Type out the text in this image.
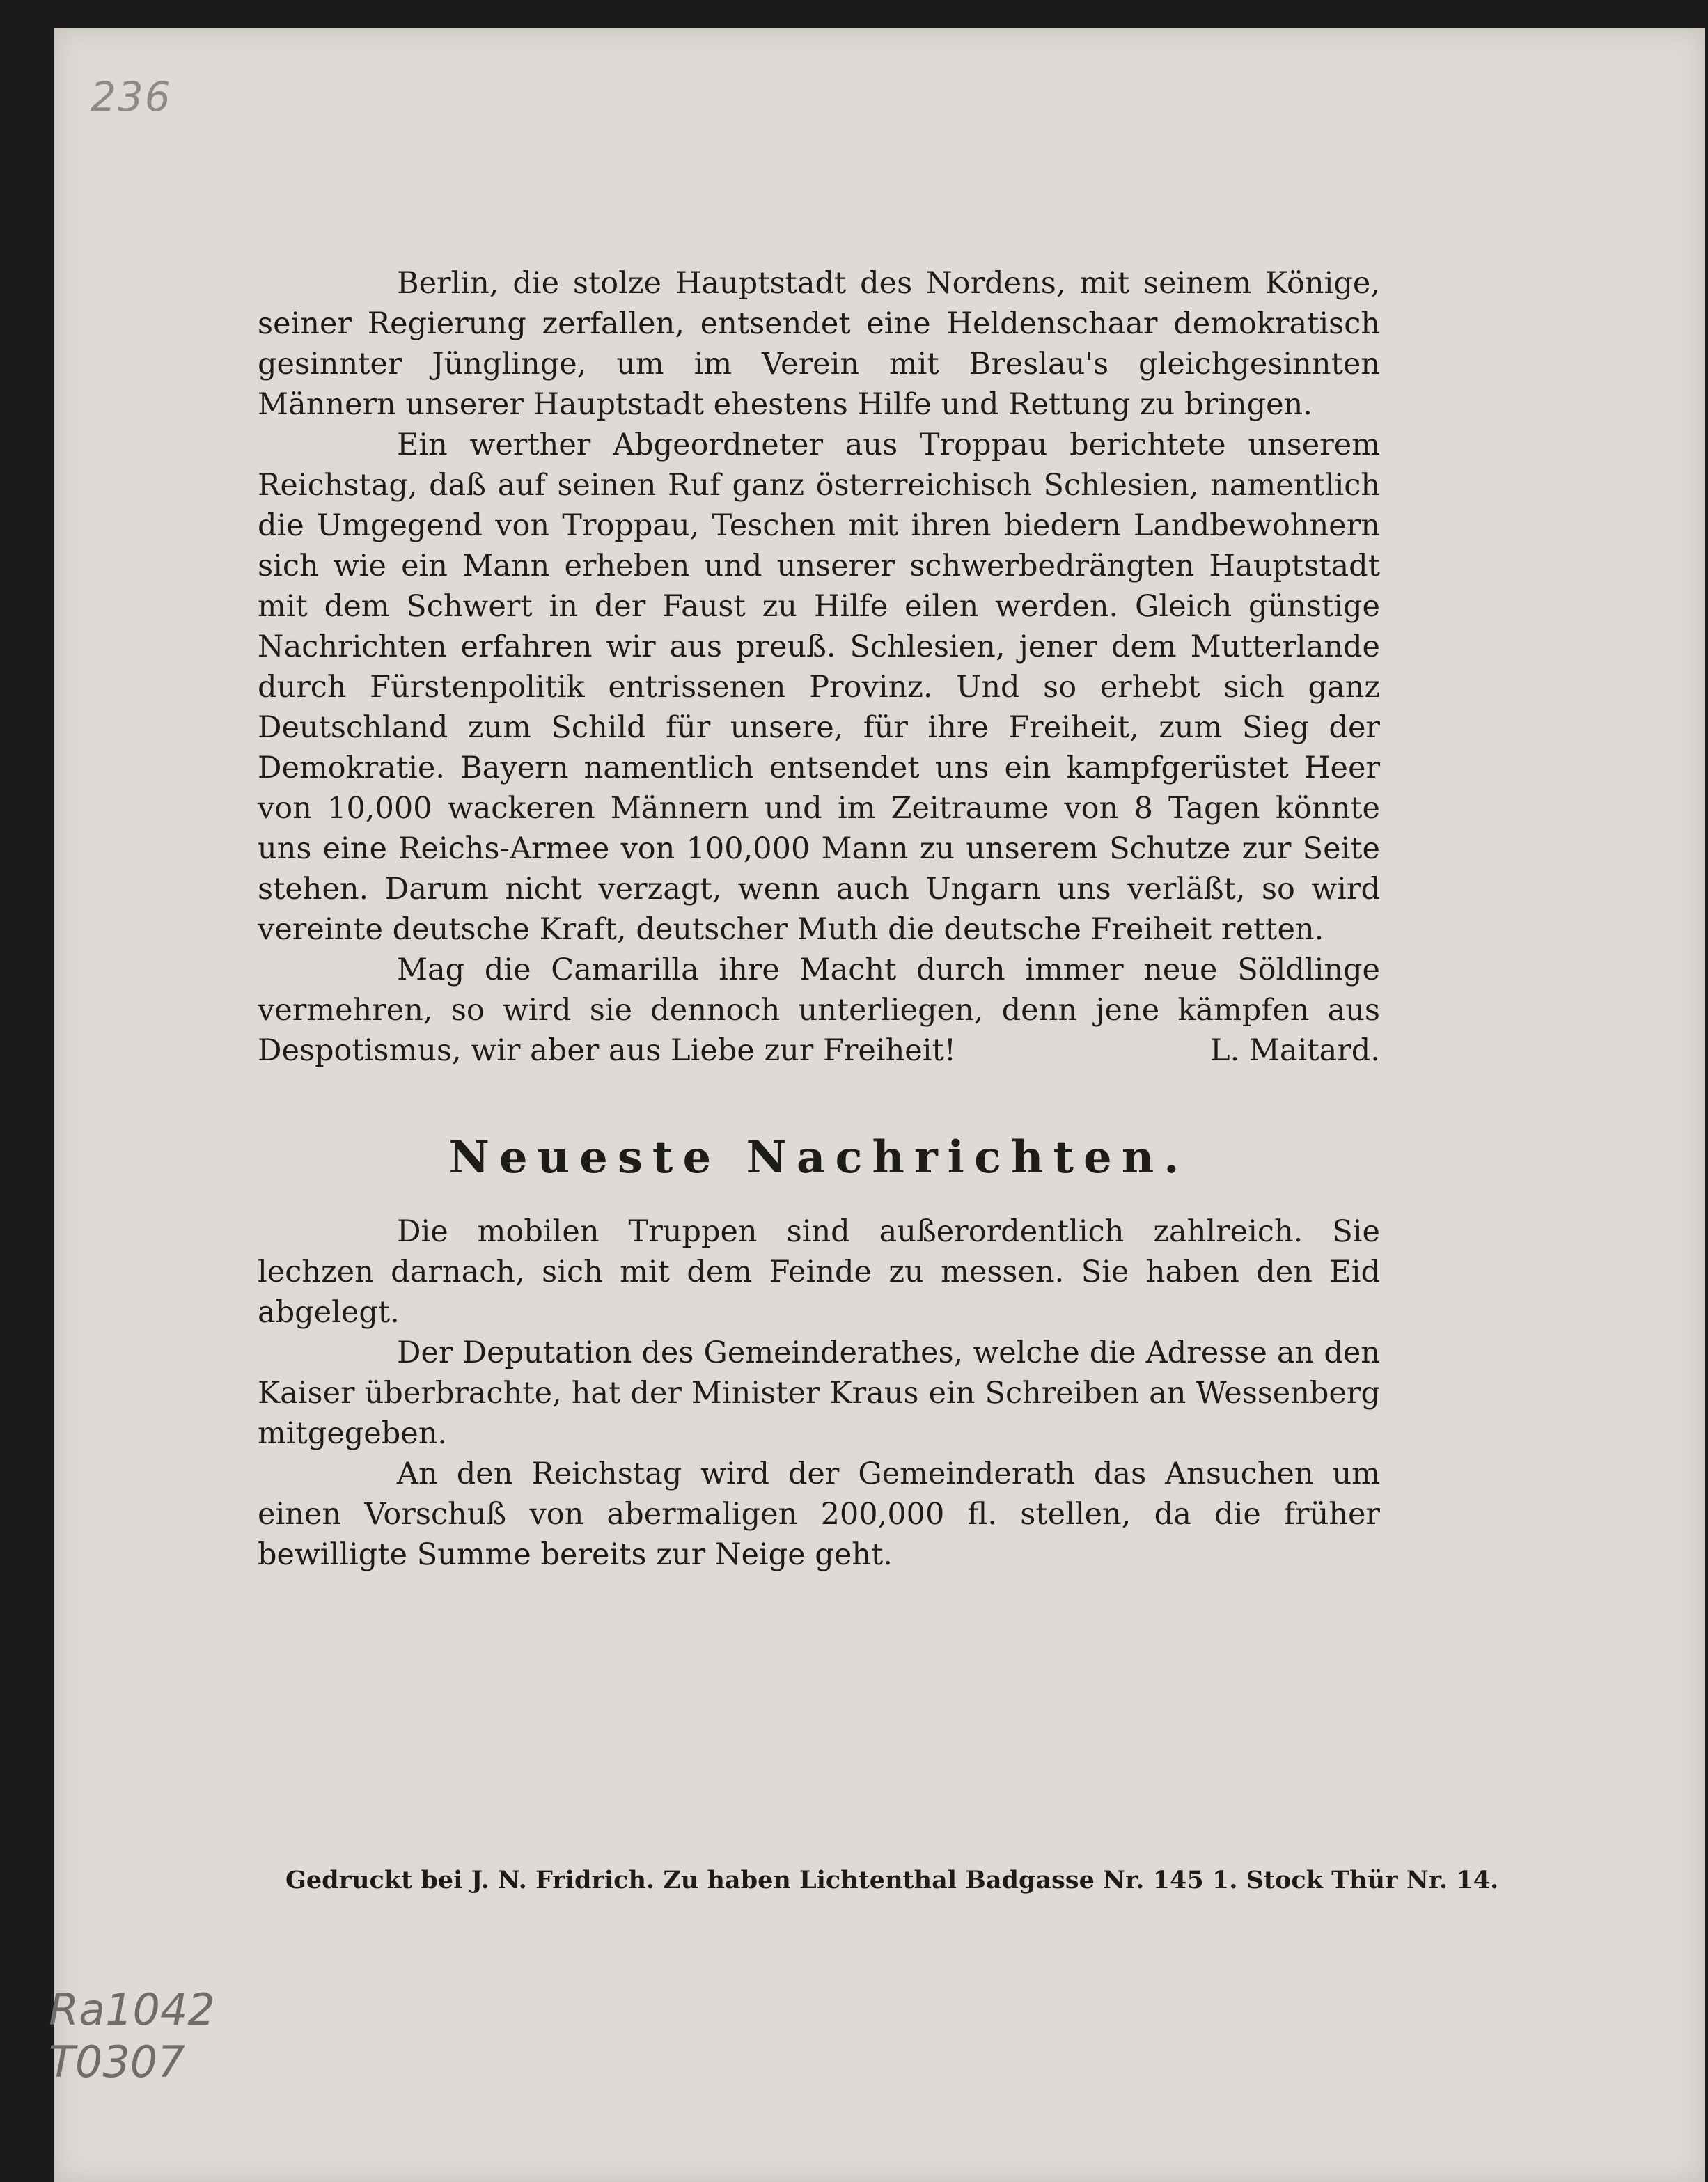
236

Berlin, die stolze Hauptstadt des Nordens, mit seinem Könige, seiner Regierung zerfallen, entsendet eine Heldenschaar demokratisch gesinnter Jünglinge, um im Verein mit Breslau's gleichgesinnten Männern unserer Hauptstadt ehestens Hilfe und Rettung zu bringen.

Ein werther Abgeordneter aus Troppau berichtete unserem Reichstag, daß auf seinen Ruf ganz österreichisch Schlesien, namentlich die Umgegend von Troppau, Teschen mit ihren biedern Landbewohnern sich wie ein Mann erheben und unserer schwerbedrängten Hauptstadt mit dem Schwert in der Faust zu Hilfe eilen werden. Gleich günstige Nachrichten erfahren wir aus preuß. Schlesien, jener dem Mutterlande durch Fürstenpolitik entrissenen Provinz. Und so erhebt sich ganz Deutschland zum Schild für unsere, für ihre Freiheit, zum Sieg der Demokratie. Bayern namentlich entsendet uns ein kampfgerüstet Heer von 10,000 wackeren Männern und im Zeitraume von 8 Tagen könnte uns eine Reichs-Armee von 100,000 Mann zu unserem Schutze zur Seite stehen. Darum nicht verzagt, wenn auch Ungarn uns verläßt, so wird vereinte deutsche Kraft, deutscher Muth die deutsche Freiheit retten.

Mag die Camarilla ihre Macht durch immer neue Söldlinge vermehren, so wird sie dennoch unterliegen, denn jene kämpfen aus Despotismus, wir aber aus Liebe zur Freiheit!	L. Maitard.

Neueste Nachrichten.

Die mobilen Truppen sind außerordentlich zahlreich. Sie lechzen darnach, sich mit dem Feinde zu messen. Sie haben den Eid abgelegt.

Der Deputation des Gemeinderathes, welche die Adresse an den Kaiser überbrachte, hat der Minister Kraus ein Schreiben an Wessenberg mitgegeben.

An den Reichstag wird der Gemeinderath das Ansuchen um einen Vorschuß von abermaligen 200,000 fl. stellen, da die früher bewilligte Summe bereits zur Neige geht.

Gedruckt bei J. N. Fridrich. Zu haben Lichtenthal Badgasse Nr. 145 1. Stock Thür Nr. 14.
Ra1042
T0307
